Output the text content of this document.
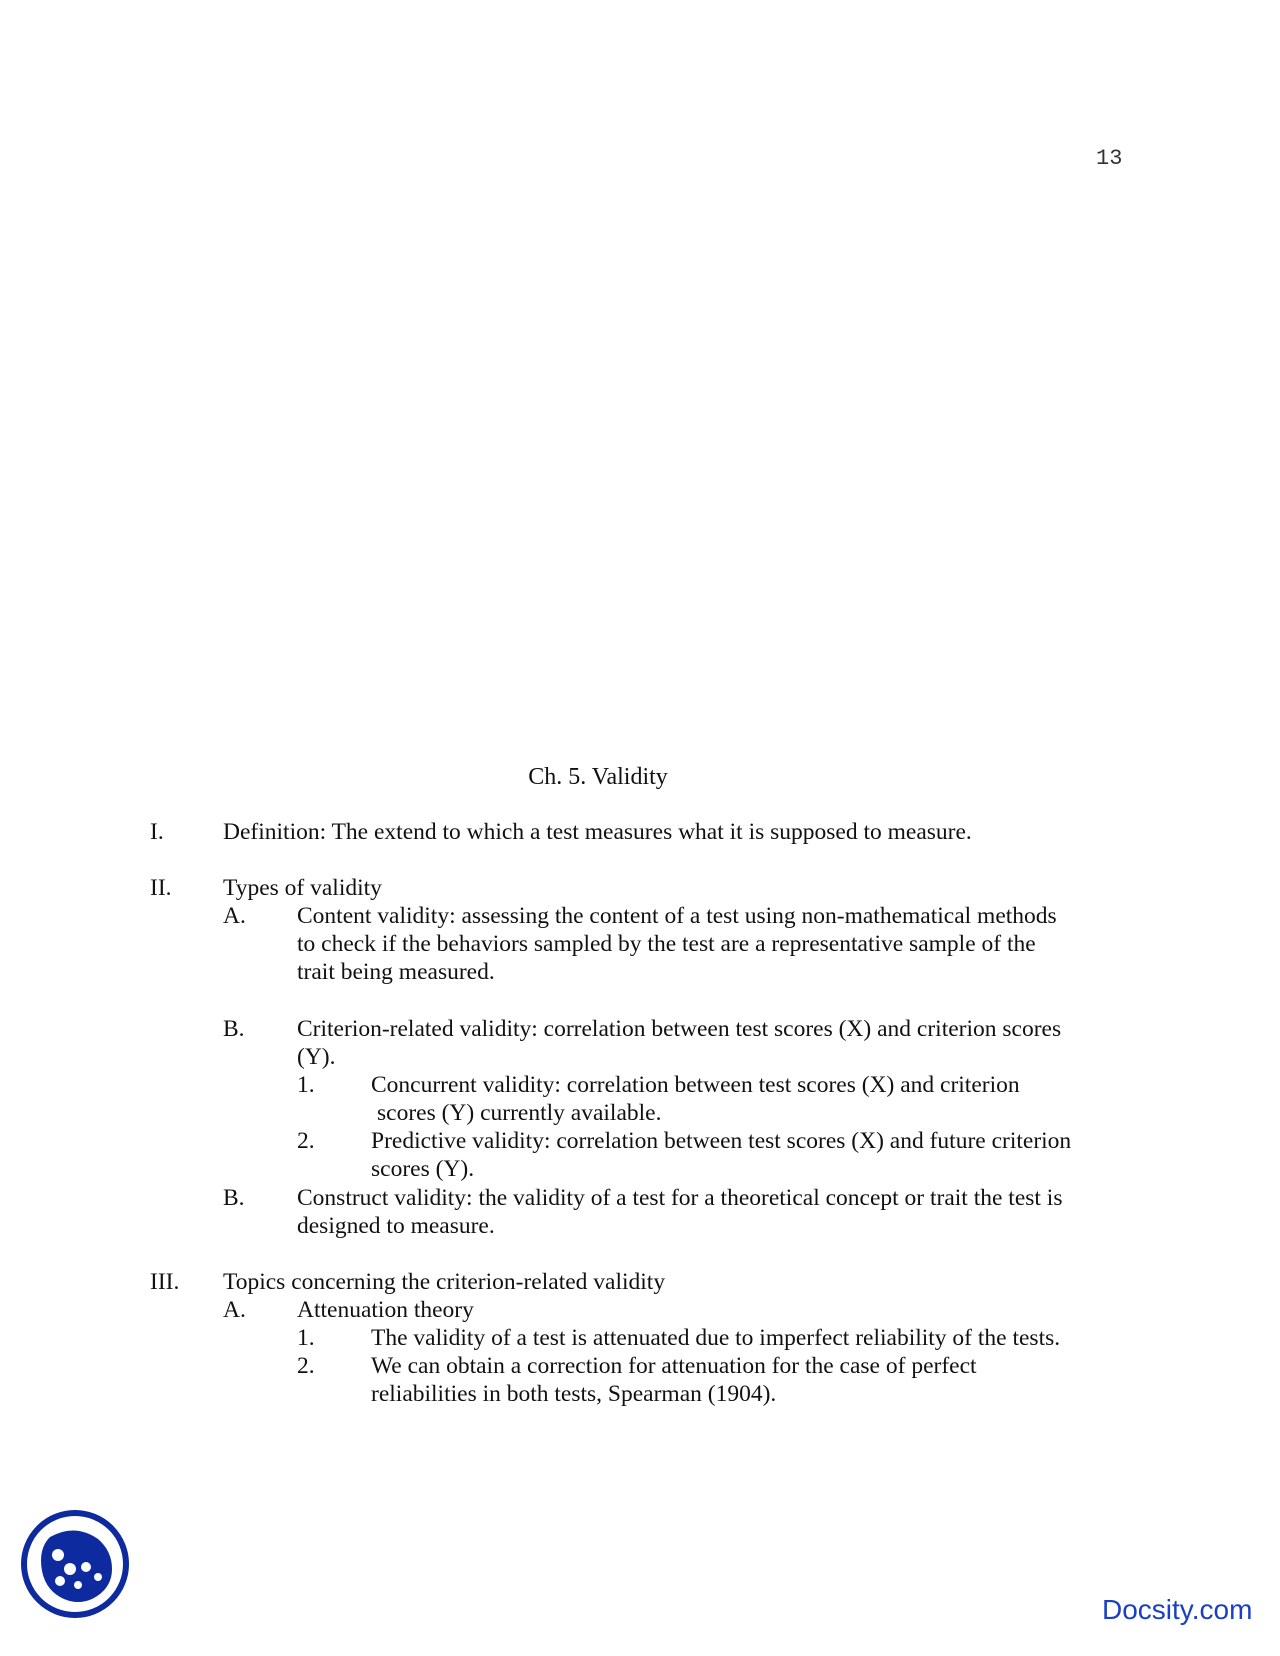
13
Ch. 5. Validity
I.	Definition: The extend to which a test measures what it is supposed to measure.
II. Types of validity
A. Content validity: assessing the content of a test using non-mathematical methods
to check if the behaviors sampled by the test are a representative sample of the
trait being measured.
B. Criterion-related validity: correlation between test scores (X) and criterion scores
(Y).
1. Concurrent validity: correlation between test scores (X) and criterion
scores (Y) currently available.
2. Predictive validity: correlation between test scores (X) and future criterion
scores (Y).
B. Construct validity: the validity of a test for a theoretical concept or trait the test is
designed to measure.
III. Topics concerning the criterion-related validity
A. Attenuation theory
1. The validity of a test is attenuated due to imperfect reliability of the tests.
2. We can obtain a correction for attenuation for the case of perfect
reliabilities in both tests, Spearman (1904).
Docsity.com
